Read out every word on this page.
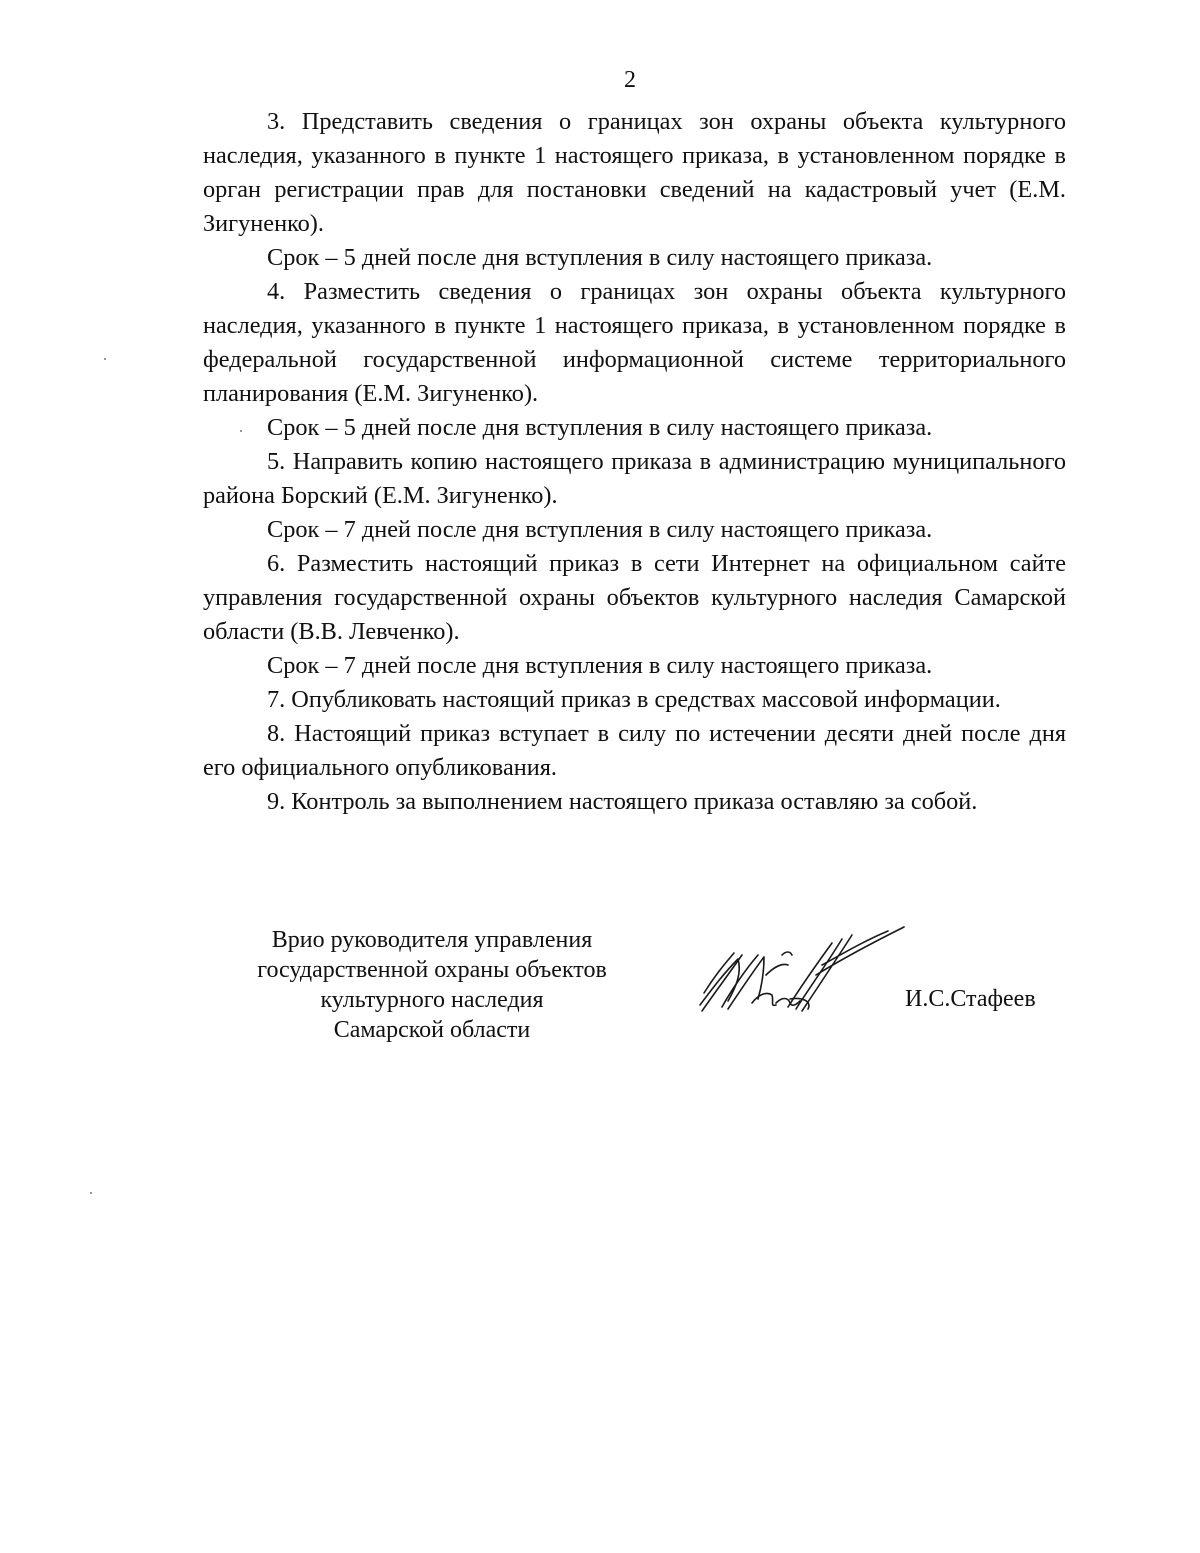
2

3. Представить сведения о границах зон охраны объекта культурного наследия, указанного в пункте 1 настоящего приказа, в установленном порядке в орган регистрации прав для постановки сведений на кадастровый учет (Е.М. Зигуненко).

Срок – 5 дней после дня вступления в силу настоящего приказа.

4. Разместить сведения о границах зон охраны объекта культурного наследия, указанного в пункте 1 настоящего приказа, в установленном порядке в федеральной государственной информационной системе территориального планирования (Е.М. Зигуненко).

Срок – 5 дней после дня вступления в силу настоящего приказа.

5. Направить копию настоящего приказа в администрацию муниципального района Борский (Е.М. Зигуненко).

Срок – 7 дней после дня вступления в силу настоящего приказа.

6. Разместить настоящий приказ в сети Интернет на официальном сайте управления государственной охраны объектов культурного наследия Самарской области (В.В. Левченко).

Срок – 7 дней после дня вступления в силу настоящего приказа.

7. Опубликовать настоящий приказ в средствах массовой информации.

8. Настоящий приказ вступает в силу по истечении десяти дней после дня его официального опубликования.

9. Контроль за выполнением настоящего приказа оставляю за собой.

Врио руководителя управления
государственной охраны объектов
культурного наследия
Самарской области
И.С.Стафеев
